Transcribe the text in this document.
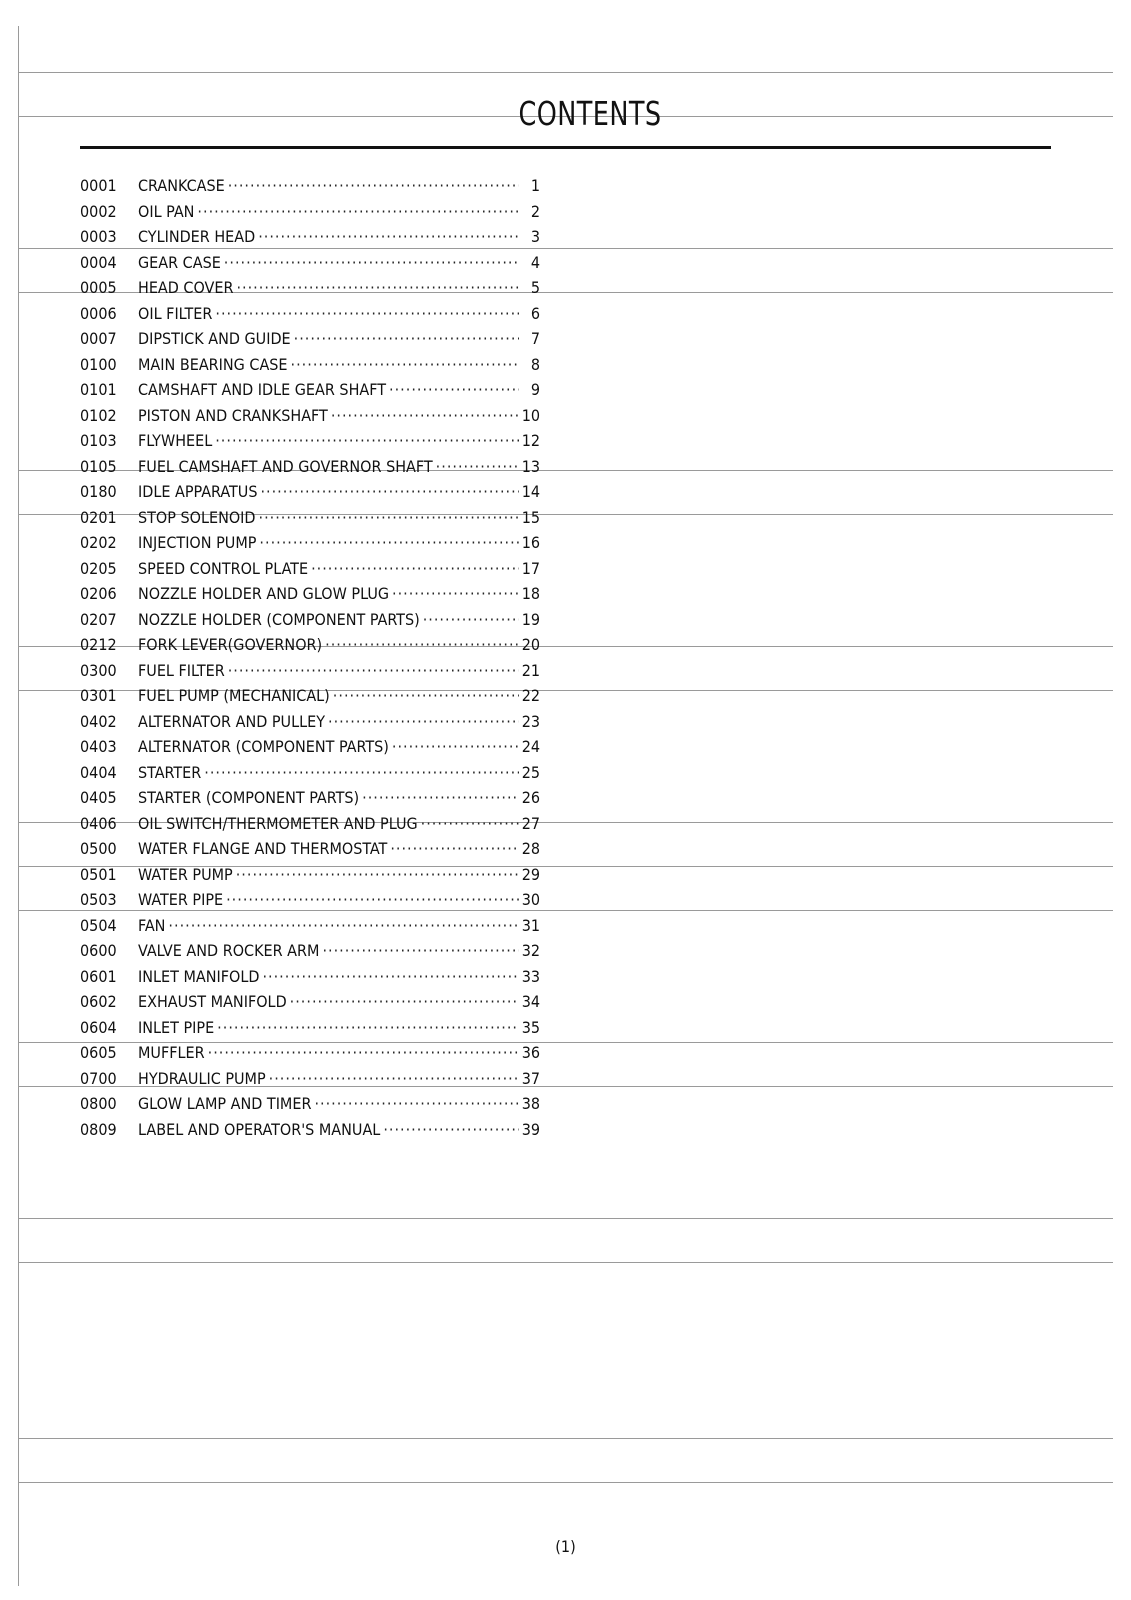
CONTENTS
0001	CRANKCASE ·····	1
0002	OIL PAN ·····	2
0003	CYLINDER HEAD ·····	3
0004	GEAR CASE ·····	4
0005	HEAD COVER ·····	5
0006	OIL FILTER ·····	6
0007	DIPSTICK AND GUIDE ·····	7
0100	MAIN BEARING CASE ·····	8
0101	CAMSHAFT AND IDLE GEAR SHAFT ·····	9
0102	PISTON AND CRANKSHAFT ·····	10
0103	FLYWHEEL ·····	12
0105	FUEL CAMSHAFT AND GOVERNOR SHAFT ·····	13
0180	IDLE APPARATUS ·····	14
0201	STOP SOLENOID ·····	15
0202	INJECTION PUMP ·····	16
0205	SPEED CONTROL PLATE ·····	17
0206	NOZZLE HOLDER AND GLOW PLUG ·····	18
0207	NOZZLE HOLDER (COMPONENT PARTS) ·····	19
0212	FORK LEVER(GOVERNOR) ·····	20
0300	FUEL FILTER ·····	21
0301	FUEL PUMP (MECHANICAL) ·····	22
0402	ALTERNATOR AND PULLEY ·····	23
0403	ALTERNATOR (COMPONENT PARTS) ·····	24
0404	STARTER ·····	25
0405	STARTER (COMPONENT PARTS) ·····	26
0406	OIL SWITCH/THERMOMETER AND PLUG ·····	27
0500	WATER FLANGE AND THERMOSTAT ·····	28
0501	WATER PUMP ·····	29
0503	WATER PIPE ·····	30
0504	FAN ·····	31
0600	VALVE AND ROCKER ARM ·····	32
0601	INLET MANIFOLD ·····	33
0602	EXHAUST MANIFOLD ·····	34
0604	INLET PIPE ·····	35
0605	MUFFLER ·····	36
0700	HYDRAULIC PUMP ·····	37
0800	GLOW LAMP AND TIMER ·····	38
0809	LABEL AND OPERATOR'S MANUAL ·····	39
(1)
